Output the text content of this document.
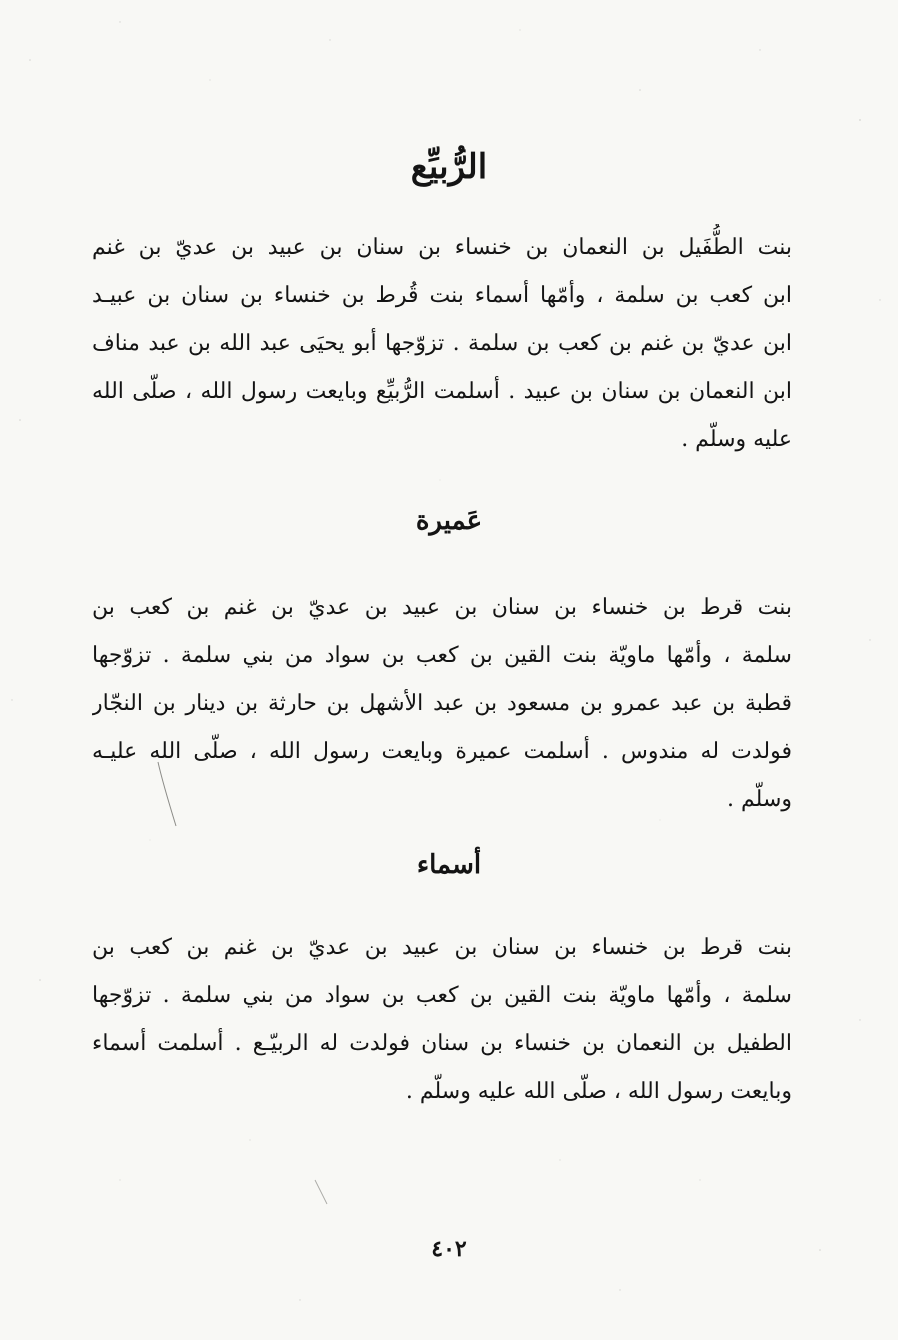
الرُّبيِّع
بنت الطُّفَيل بن النعمان بن خنساء بن سنان بن عبيد بن عديّ بن غنم
ابن كعب بن سلمة ، وأمّها أسماء بنت قُرط بن خنساء بن سنان بن عبيـد
ابن عديّ بن غنم بن كعب بن سلمة . تزوّجها أبو يحيَى عبد الله بن عبد مناف
ابن النعمان بن سنان بن عبيد . أسلمت الرُّبيِّع وبايعت رسول الله ، صلّى الله
عليه وسلّم .
عَميرة
بنت قرط بن خنساء بن سنان بن عبيد بن عديّ بن غنم بن كعب بن
سلمة ، وأمّها ماويّة بنت القين بن كعب بن سواد من بني سلمة . تزوّجها
قطبة بن عبد عمرو بن مسعود بن عبد الأشهل بن حارثة بن دينار بن النجّار
فولدت له مندوس . أسلمت عميرة وبايعت رسول الله ، صلّى الله عليـه
وسلّم .
أسماء
بنت قرط بن خنساء بن سنان بن عبيد بن عديّ بن غنم بن كعب بن
سلمة ، وأمّها ماويّة بنت القين بن كعب بن سواد من بني سلمة . تزوّجها
الطفيل بن النعمان بن خنساء بن سنان فولدت له الربيّـع . أسلمت أسماء
وبايعت رسول الله ، صلّى الله عليه وسلّم .
٤٠٢
